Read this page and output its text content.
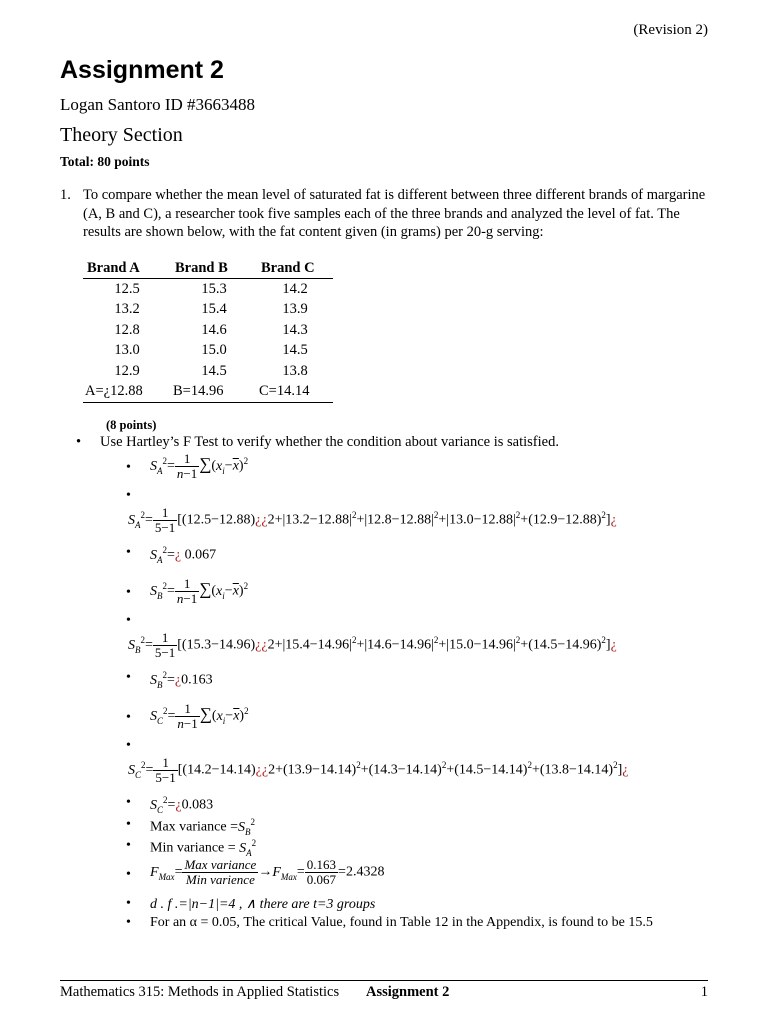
(Revision 2)
Assignment 2
Logan Santoro ID #3663488
Theory Section
Total: 80 points
1. To compare whether the mean level of saturated fat is different between three different brands of margarine (A, B and C), a researcher took five samples each of the three brands and analyzed the level of fat. The results are shown below, with the fat content given (in grams) per 20-g serving:
Brand A	Brand B	Brand C
12.5	15.3	14.2
13.2	15.4	13.9
12.8	14.6	14.3
13.0	15.0	14.5
12.9	14.5	13.8
A=¿12.88	B=14.96	C=14.14
(8 points)
• Use Hartley’s F Test to verify whether the condition about variance is satisfied.
• $S_A^2= \frac{1}{n-1} \sum(x_i-\overline{x})^2$
•
$S_A^2= \frac{1}{5-1}$ $[(12.5-12.88)¿¿2+|13.2-12.88|^2+|12.8-12.88|^2+|13.0-12.88|^2+(12.9-12.88)^2]¿$
• $S_A^2=¿$ 0.067
• $S_B^2= \frac{1}{n-1} \sum(x_i-\overline{x})^2$
•
$S_B^2= \frac{1}{5-1}$ $[(15.3-14.96)¿¿2+|15.4-14.96|^2+|14.6-14.96|^2+|15.0-14.96|^2+(14.5-14.96)^2]¿$
• $S_B^2=¿0.163$
• $S_C^2= \frac{1}{n-1} \sum(x_i-\overline{x})^2$
•
$S_C^2= \frac{1}{5-1}$ $[(14.2-14.14)¿¿2+(13.9-14.14)^2+(14.3-14.14)^2+(14.5-14.14)^2+(13.8-14.14)^2]¿$
• $S_C^2=¿0.083$
• Max variance $=S_B^2$
• Min variance = $S_A^2$
• $F_{Max}= \frac{\text{Max variance}}{\text{Min varience}} \to F_{Max}= \frac{0.163}{0.067} =2.4328$
• d . f .=|n−1|=4 , ∧ there are t=3 groups
• For an α = 0.05, The critical Value, found in Table 12 in the Appendix, is found to be 15.5
Mathematics 315: Methods in Applied Statistics Assignment 2	1
